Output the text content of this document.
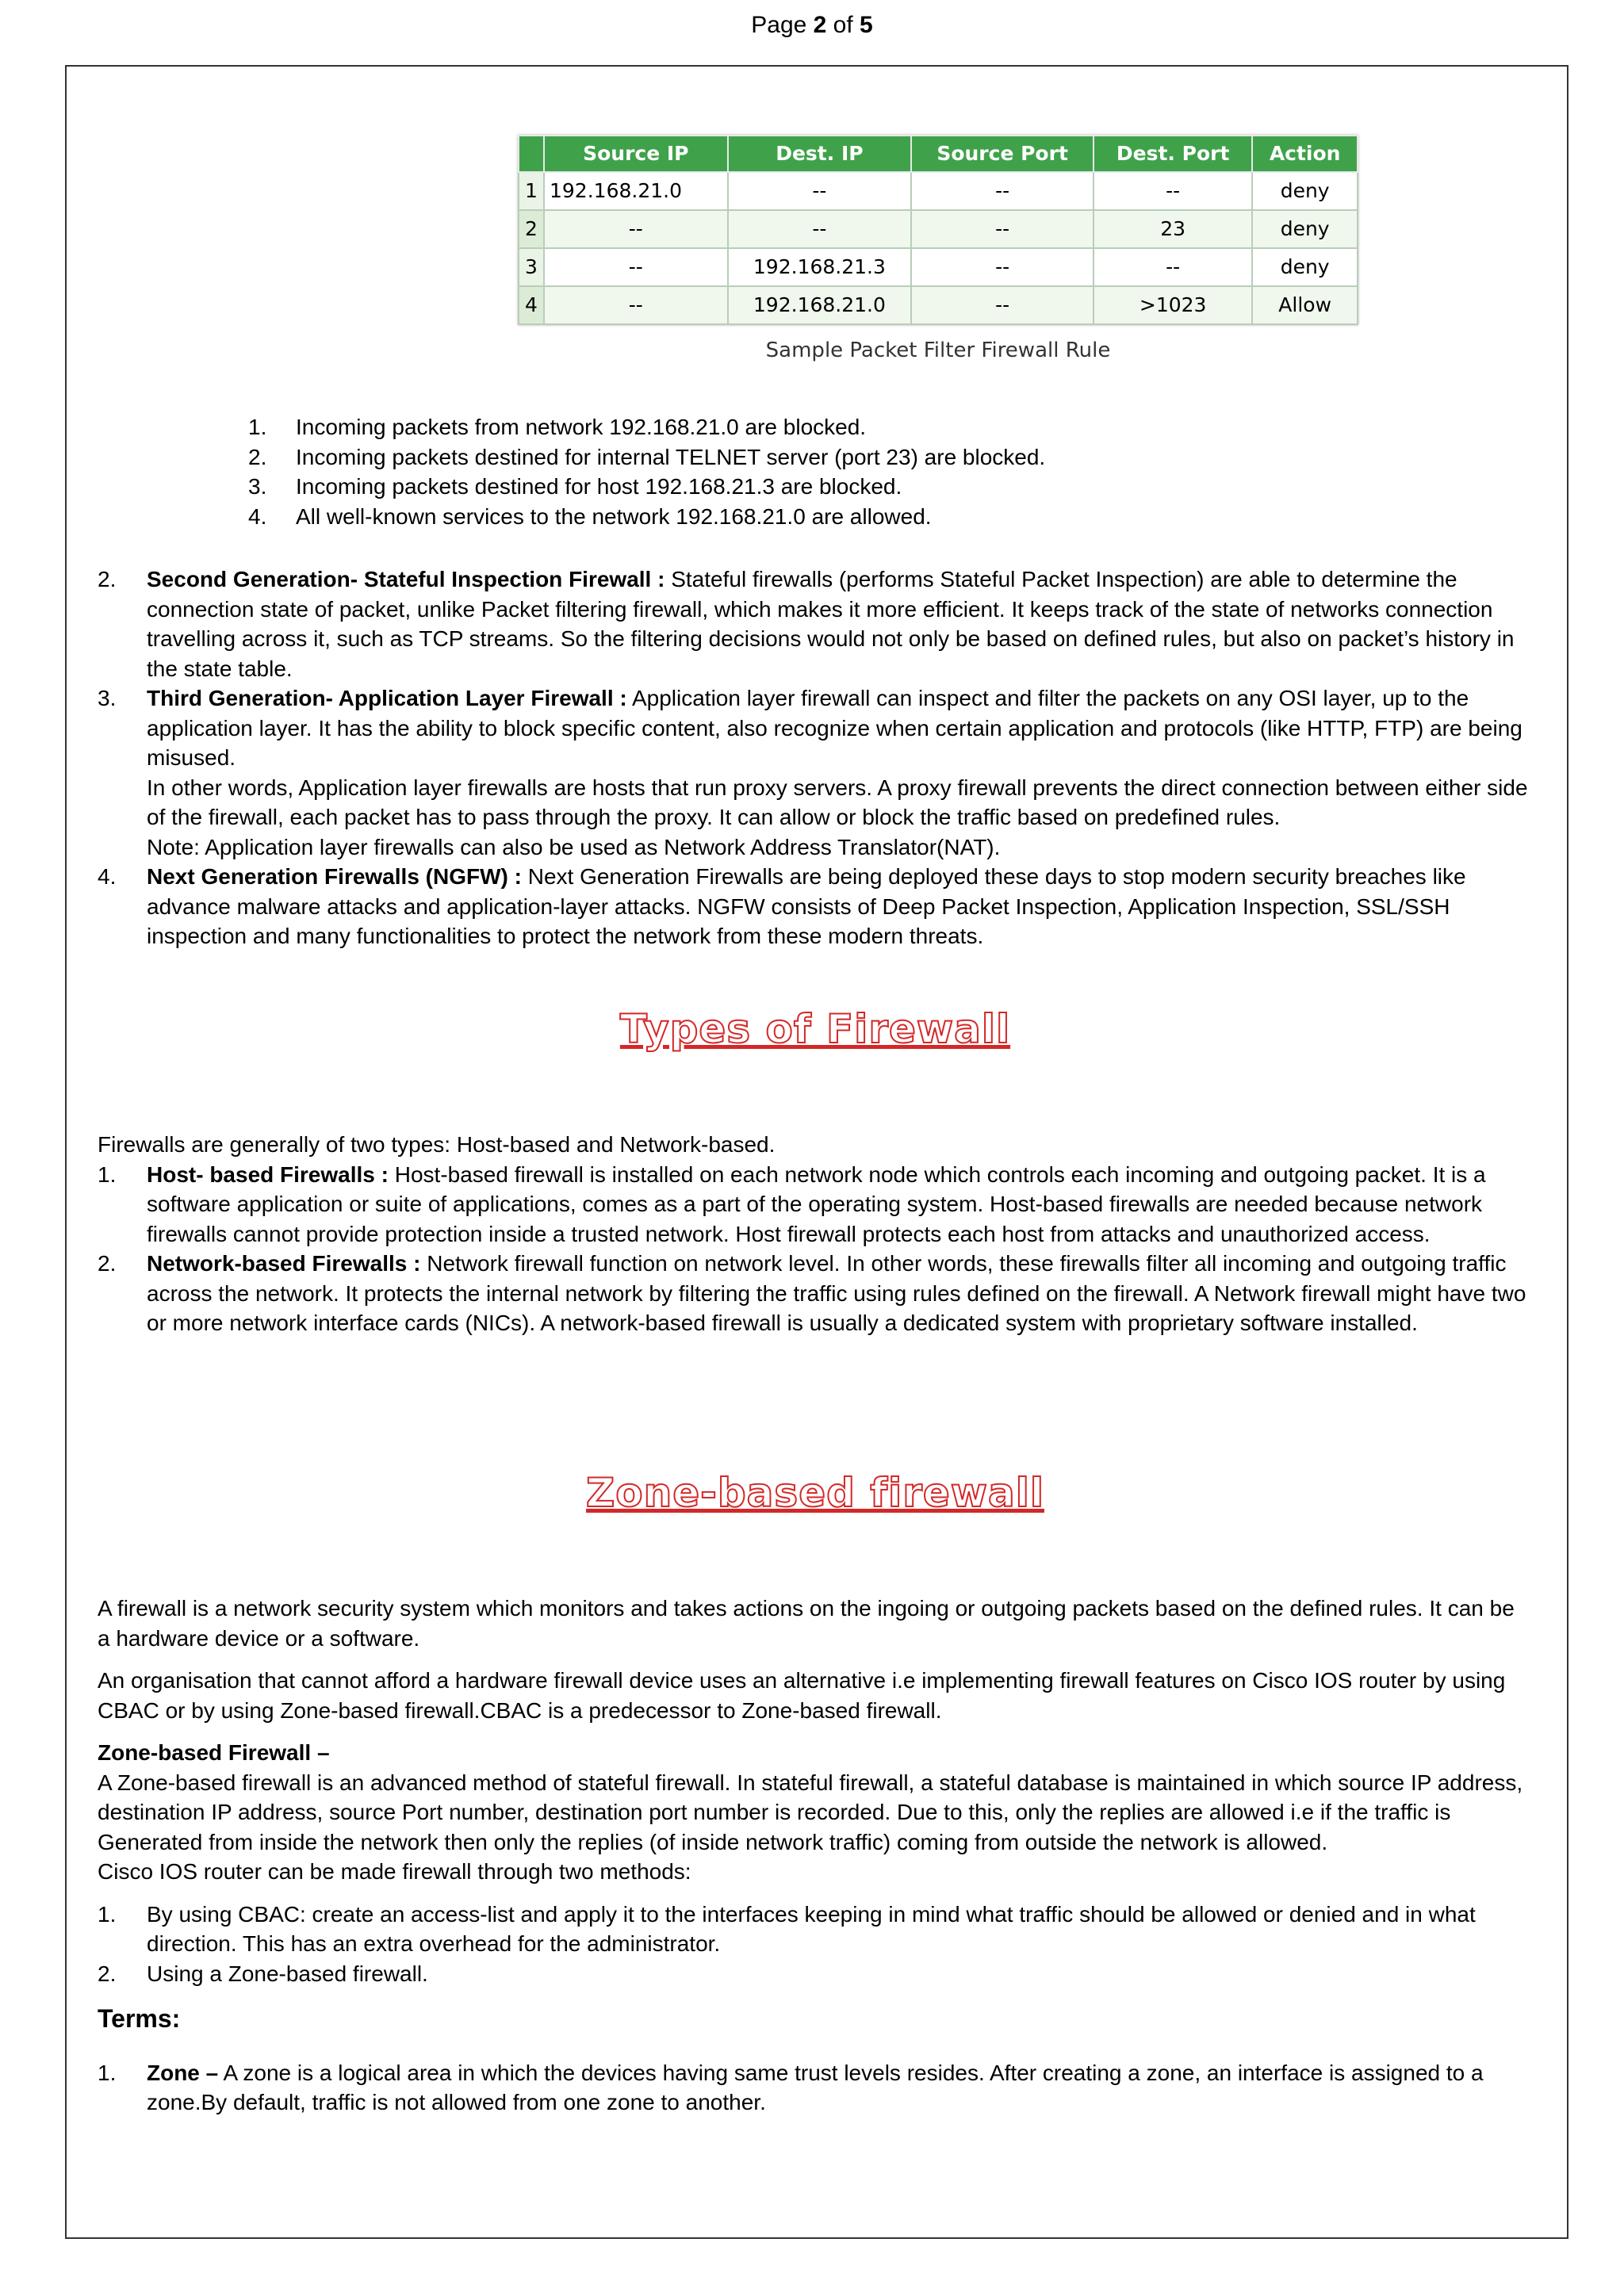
Page 2 of 5
	Source IP	Dest. IP	Source Port	Dest. Port	Action
1	192.168.21.0	--	--	--	deny
2	--	--	--	23	deny
3	--	192.168.21.3	--	--	deny
4	--	192.168.21.0	--	>1023	Allow
Sample Packet Filter Firewall Rule
1. Incoming packets from network 192.168.21.0 are blocked.
2. Incoming packets destined for internal TELNET server (port 23) are blocked.
3. Incoming packets destined for host 192.168.21.3 are blocked.
4. All well-known services to the network 192.168.21.0 are allowed.
2. Second Generation- Stateful Inspection Firewall : Stateful firewalls (performs Stateful Packet Inspection) are able to determine the connection state of packet, unlike Packet filtering firewall, which makes it more efficient. It keeps track of the state of networks connection travelling across it, such as TCP streams. So the filtering decisions would not only be based on defined rules, but also on packet’s history in the state table.
3. Third Generation- Application Layer Firewall : Application layer firewall can inspect and filter the packets on any OSI layer, up to the application layer. It has the ability to block specific content, also recognize when certain application and protocols (like HTTP, FTP) are being misused.
In other words, Application layer firewalls are hosts that run proxy servers. A proxy firewall prevents the direct connection between either side of the firewall, each packet has to pass through the proxy. It can allow or block the traffic based on predefined rules.
Note: Application layer firewalls can also be used as Network Address Translator(NAT).
4. Next Generation Firewalls (NGFW) : Next Generation Firewalls are being deployed these days to stop modern security breaches like advance malware attacks and application-layer attacks. NGFW consists of Deep Packet Inspection, Application Inspection, SSL/SSH inspection and many functionalities to protect the network from these modern threats.
Types of Firewall

Firewalls are generally of two types: Host-based and Network-based.

1. Host- based Firewalls : Host-based firewall is installed on each network node which controls each incoming and outgoing packet. It is a software application or suite of applications, comes as a part of the operating system. Host-based firewalls are needed because network firewalls cannot provide protection inside a trusted network. Host firewall protects each host from attacks and unauthorized access.
2. Network-based Firewalls : Network firewall function on network level. In other words, these firewalls filter all incoming and outgoing traffic across the network. It protects the internal network by filtering the traffic using rules defined on the firewall. A Network firewall might have two or more network interface cards (NICs). A network-based firewall is usually a dedicated system with proprietary software installed.
Zone-based firewall

A firewall is a network security system which monitors and takes actions on the ingoing or outgoing packets based on the defined rules. It can be a hardware device or a software.

An organisation that cannot afford a hardware firewall device uses an alternative i.e implementing firewall features on Cisco IOS router by using CBAC or by using Zone-based firewall.CBAC is a predecessor to Zone-based firewall.

Zone-based Firewall –

A Zone-based firewall is an advanced method of stateful firewall. In stateful firewall, a stateful database is maintained in which source IP address, destination IP address, source Port number, destination port number is recorded. Due to this, only the replies are allowed i.e if the traffic is Generated from inside the network then only the replies (of inside network traffic) coming from outside the network is allowed.

Cisco IOS router can be made firewall through two methods:

1. By using CBAC: create an access-list and apply it to the interfaces keeping in mind what traffic should be allowed or denied and in what direction. This has an extra overhead for the administrator.
2. Using a Zone-based firewall.

Terms:

1. Zone – A zone is a logical area in which the devices having same trust levels resides. After creating a zone, an interface is assigned to a zone.By default, traffic is not allowed from one zone to another.
